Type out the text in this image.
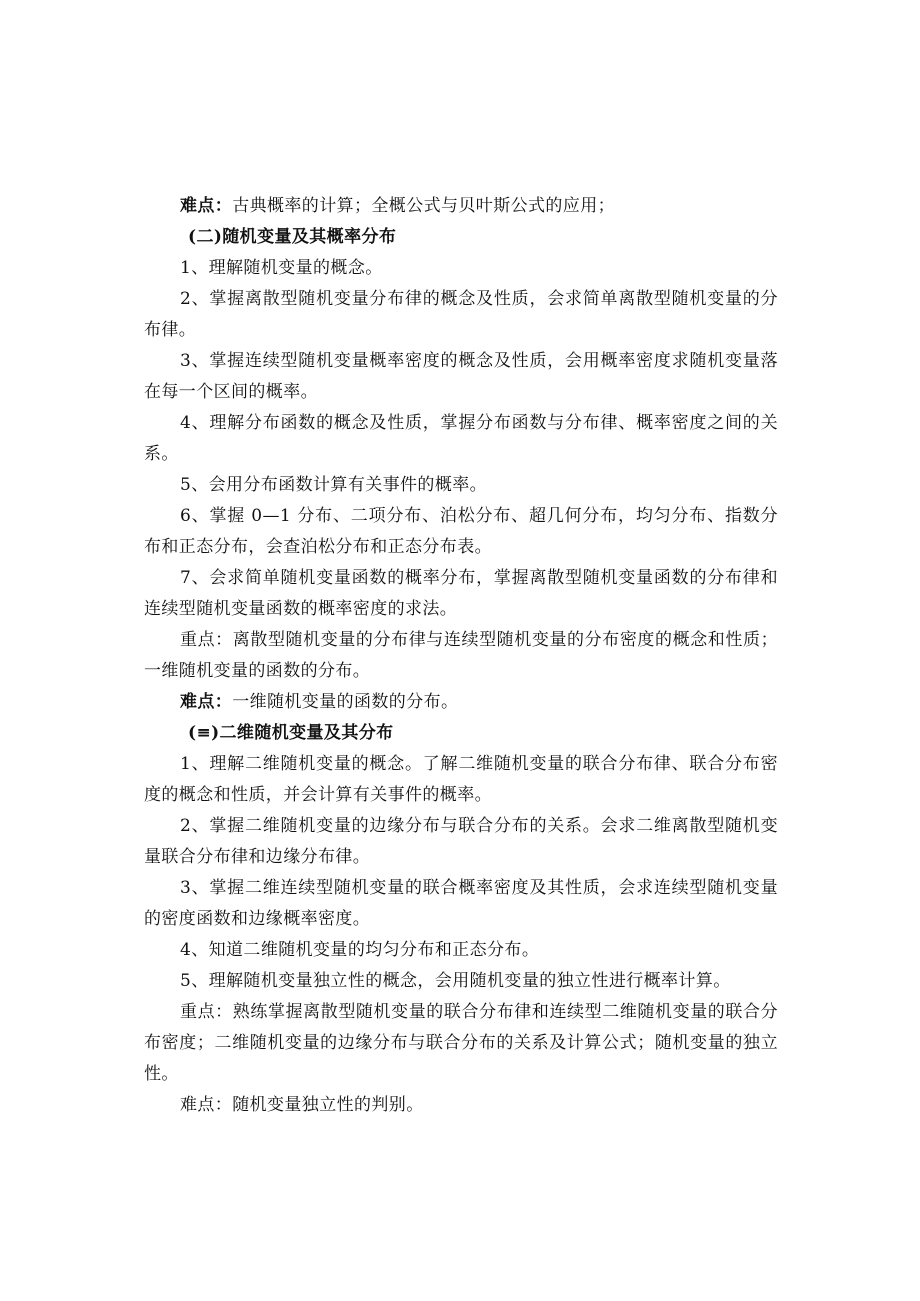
难点：古典概率的计算；全概公式与贝叶斯公式的应用；

(二)随机变量及其概率分布

1、理解随机变量的概念。

2、掌握离散型随机变量分布律的概念及性质，会求简单离散型随机变量的分布律。

3、掌握连续型随机变量概率密度的概念及性质，会用概率密度求随机变量落在每一个区间的概率。

4、理解分布函数的概念及性质，掌握分布函数与分布律、概率密度之间的关系。

5、会用分布函数计算有关事件的概率。

6、掌握 0—1 分布、二项分布、泊松分布、超几何分布，均匀分布、指数分布和正态分布，会查泊松分布和正态分布表。

7、会求简单随机变量函数的概率分布，掌握离散型随机变量函数的分布律和连续型随机变量函数的概率密度的求法。

重点：离散型随机变量的分布律与连续型随机变量的分布密度的概念和性质；一维随机变量的函数的分布。

难点：一维随机变量的函数的分布。

(≡)二维随机变量及其分布

1、理解二维随机变量的概念。了解二维随机变量的联合分布律、联合分布密度的概念和性质，并会计算有关事件的概率。

2、掌握二维随机变量的边缘分布与联合分布的关系。会求二维离散型随机变量联合分布律和边缘分布律。

3、掌握二维连续型随机变量的联合概率密度及其性质，会求连续型随机变量的密度函数和边缘概率密度。

4、知道二维随机变量的均匀分布和正态分布。

5、理解随机变量独立性的概念，会用随机变量的独立性进行概率计算。

重点：熟练掌握离散型随机变量的联合分布律和连续型二维随机变量的联合分布密度；二维随机变量的边缘分布与联合分布的关系及计算公式；随机变量的独立性。

难点：随机变量独立性的判别。
